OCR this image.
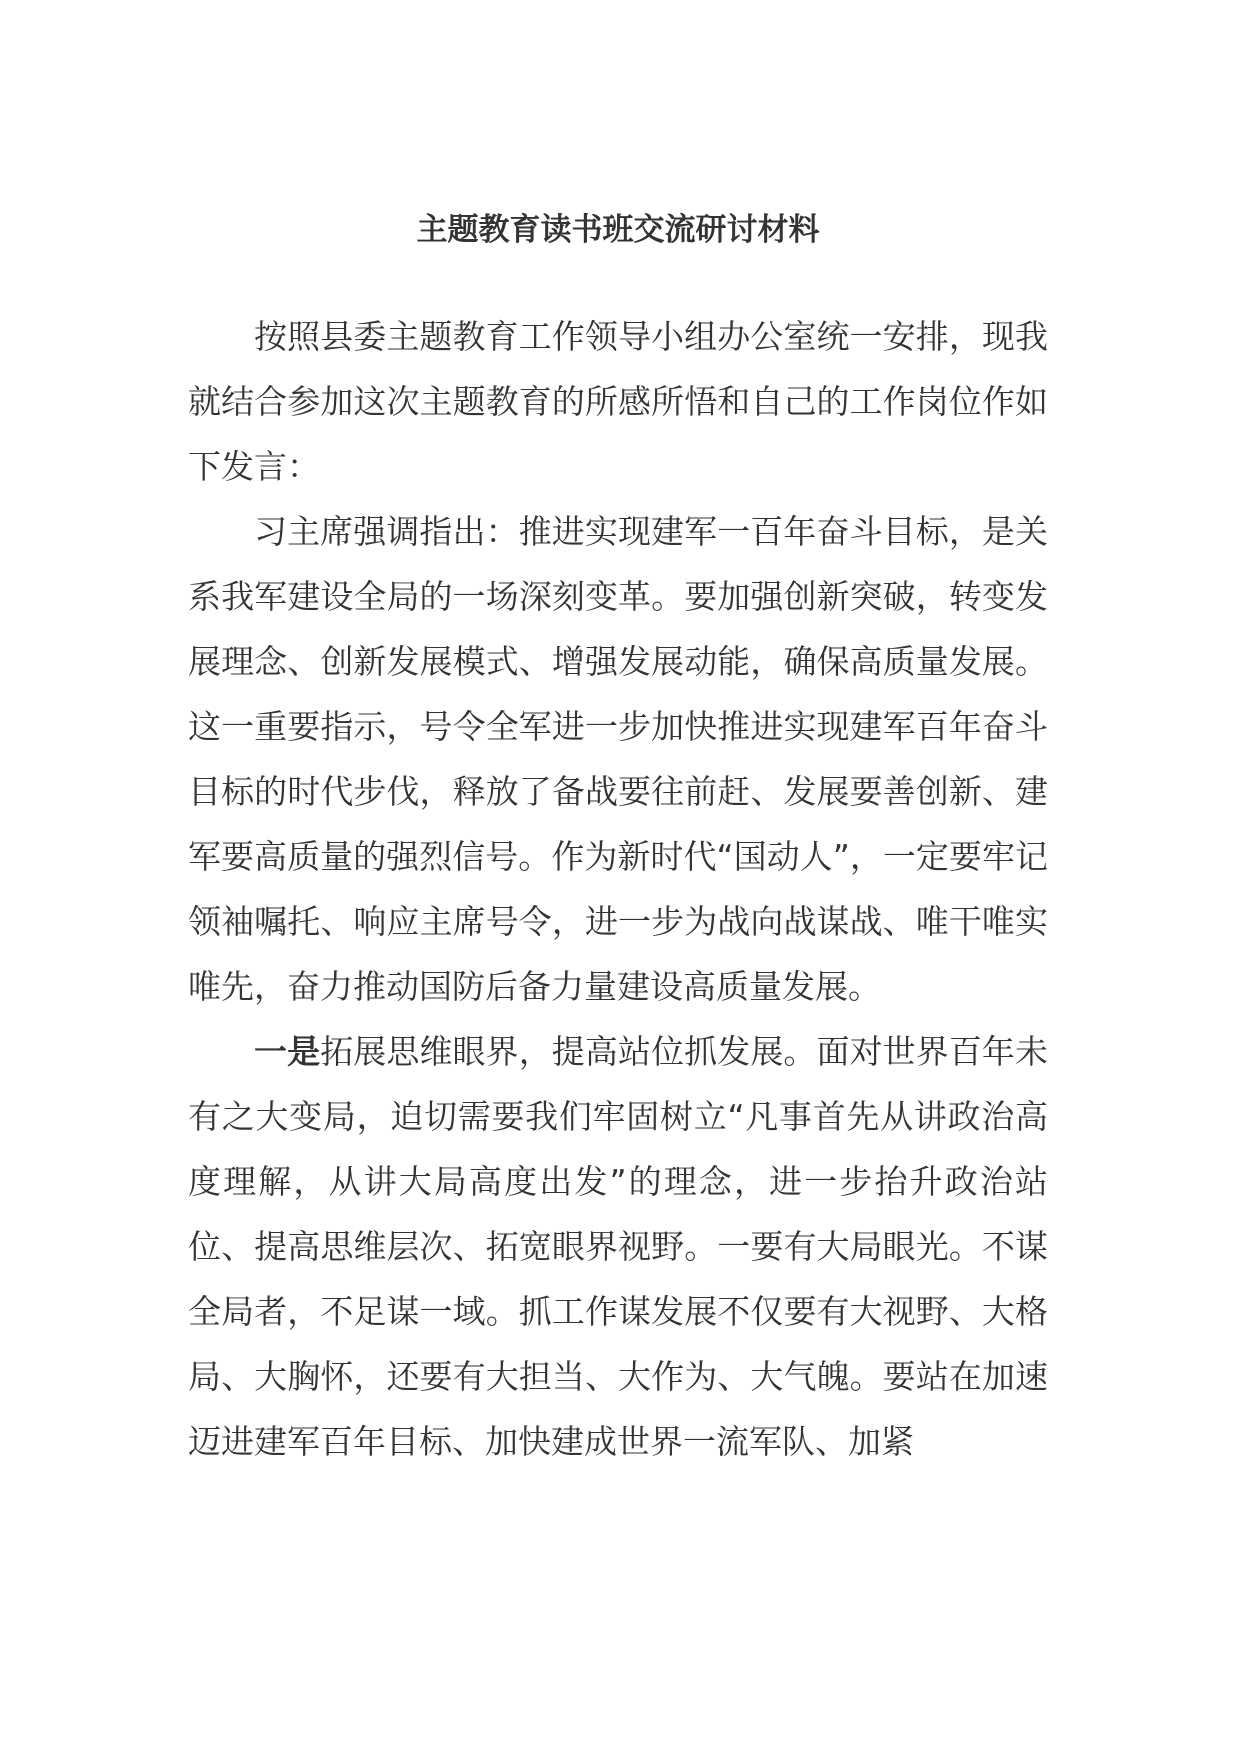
主题教育读书班交流研讨材料

按照县委主题教育工作领导小组办公室统一安排，现我就结合参加这次主题教育的所感所悟和自己的工作岗位作如下发言：

习主席强调指出：推进实现建军一百年奋斗目标，是关系我军建设全局的一场深刻变革。要加强创新突破，转变发展理念、创新发展模式、增强发展动能，确保高质量发展。这一重要指示，号令全军进一步加快推进实现建军百年奋斗目标的时代步伐，释放了备战要往前赶、发展要善创新、建军要高质量的强烈信号。作为新时代“国动人”，一定要牢记领袖嘱托、响应主席号令，进一步为战向战谋战、唯干唯实唯先，奋力推动国防后备力量建设高质量发展。

一是拓展思维眼界，提高站位抓发展。面对世界百年未有之大变局，迫切需要我们牢固树立“凡事首先从讲政治高度理解，从讲大局高度出发”的理念，进一步抬升政治站位、提高思维层次、拓宽眼界视野。一要有大局眼光。不谋全局者，不足谋一域。抓工作谋发展不仅要有大视野、大格局、大胸怀，还要有大担当、大作为、大气魄。要站在加速迈进建军百年目标、加快建成世界一流军队、加紧
